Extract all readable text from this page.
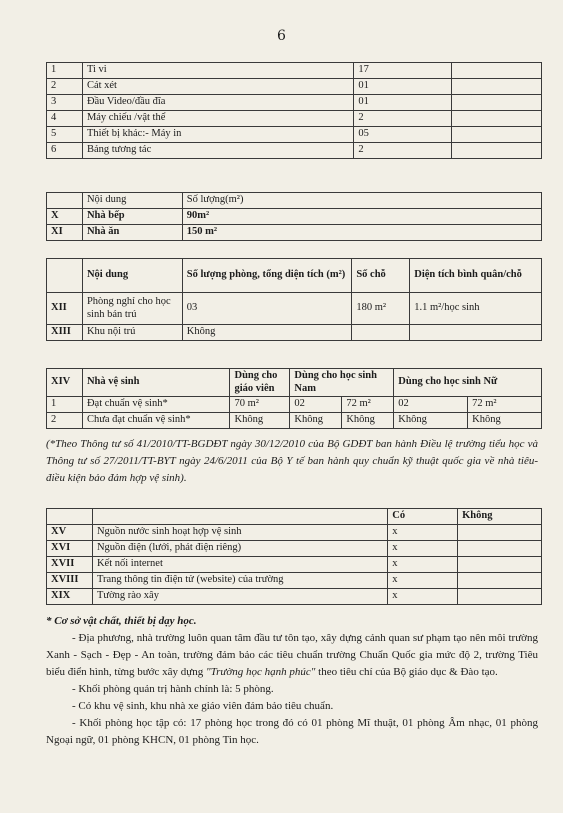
6
1	Ti vi	17	
2	Cát xét	01	
3	Đầu Video/đầu đĩa	01	
4	Máy chiếu /vật thể	2	
5	Thiết bị khác:- Máy in	05	
6	Bảng tương tác	2	
	Nội dung	Số lượng(m²)
X	Nhà bếp	90m²
XI	Nhà ăn	150 m²
	Nội dung	Số lượng phòng, tổng diện tích (m²)	Số chỗ	Diện tích bình quân/chỗ
XII	Phòng nghỉ cho học sinh bán trú	03	180 m²	1.1 m²/học sinh
XIII	Khu nội trú	Không		
XIV	Nhà vệ sinh	Dùng cho giáo viên	Dùng cho học sinh Nam		Dùng cho học sinh Nữ	
1	Đạt chuẩn vệ sinh*	70 m²	02	72 m²	02	72 m²
2	Chưa đạt chuẩn vệ sinh*	Không	Không	Không	Không	Không
(*Theo Thông tư số 41/2010/TT-BGDĐT ngày 30/12/2010 của Bộ GDĐT ban hành Điều lệ trường tiểu học và Thông tư số 27/2011/TT-BYT ngày 24/6/2011 của Bộ Y tế ban hành quy chuẩn kỹ thuật quốc gia về nhà tiêu- điều kiện bảo đảm hợp vệ sinh).
		Có	Không
XV	Nguồn nước sinh hoạt hợp vệ sinh	x	
XVI	Nguồn điện (lưới, phát điện riêng)	x	
XVII	Kết nối internet	x	
XVIII	Trang thông tin điện tử (website) của trường	x	
XIX	Tường rào xây	x	

* Cơ sở vật chất, thiết bị dạy học.

- Địa phương, nhà trường luôn quan tâm đầu tư tôn tạo, xây dựng cảnh quan sư phạm tạo nên môi trường Xanh - Sạch - Đẹp - An toàn, trường đảm bảo các tiêu chuẩn trường Chuẩn Quốc gia mức độ 2, trường Tiêu biểu điển hình, từng bước xây dựng "Trường học hạnh phúc" theo tiêu chí của Bộ giáo dục & Đào tạo.

- Khối phòng quản trị hành chính là: 5 phòng.

- Có khu vệ sinh, khu nhà xe giáo viên đảm bảo tiêu chuẩn.

- Khối phòng học tập có: 17 phòng học trong đó có 01 phòng Mĩ thuật, 01 phòng Âm nhạc, 01 phòng Ngoại ngữ, 01 phòng KHCN, 01 phòng Tin học.
